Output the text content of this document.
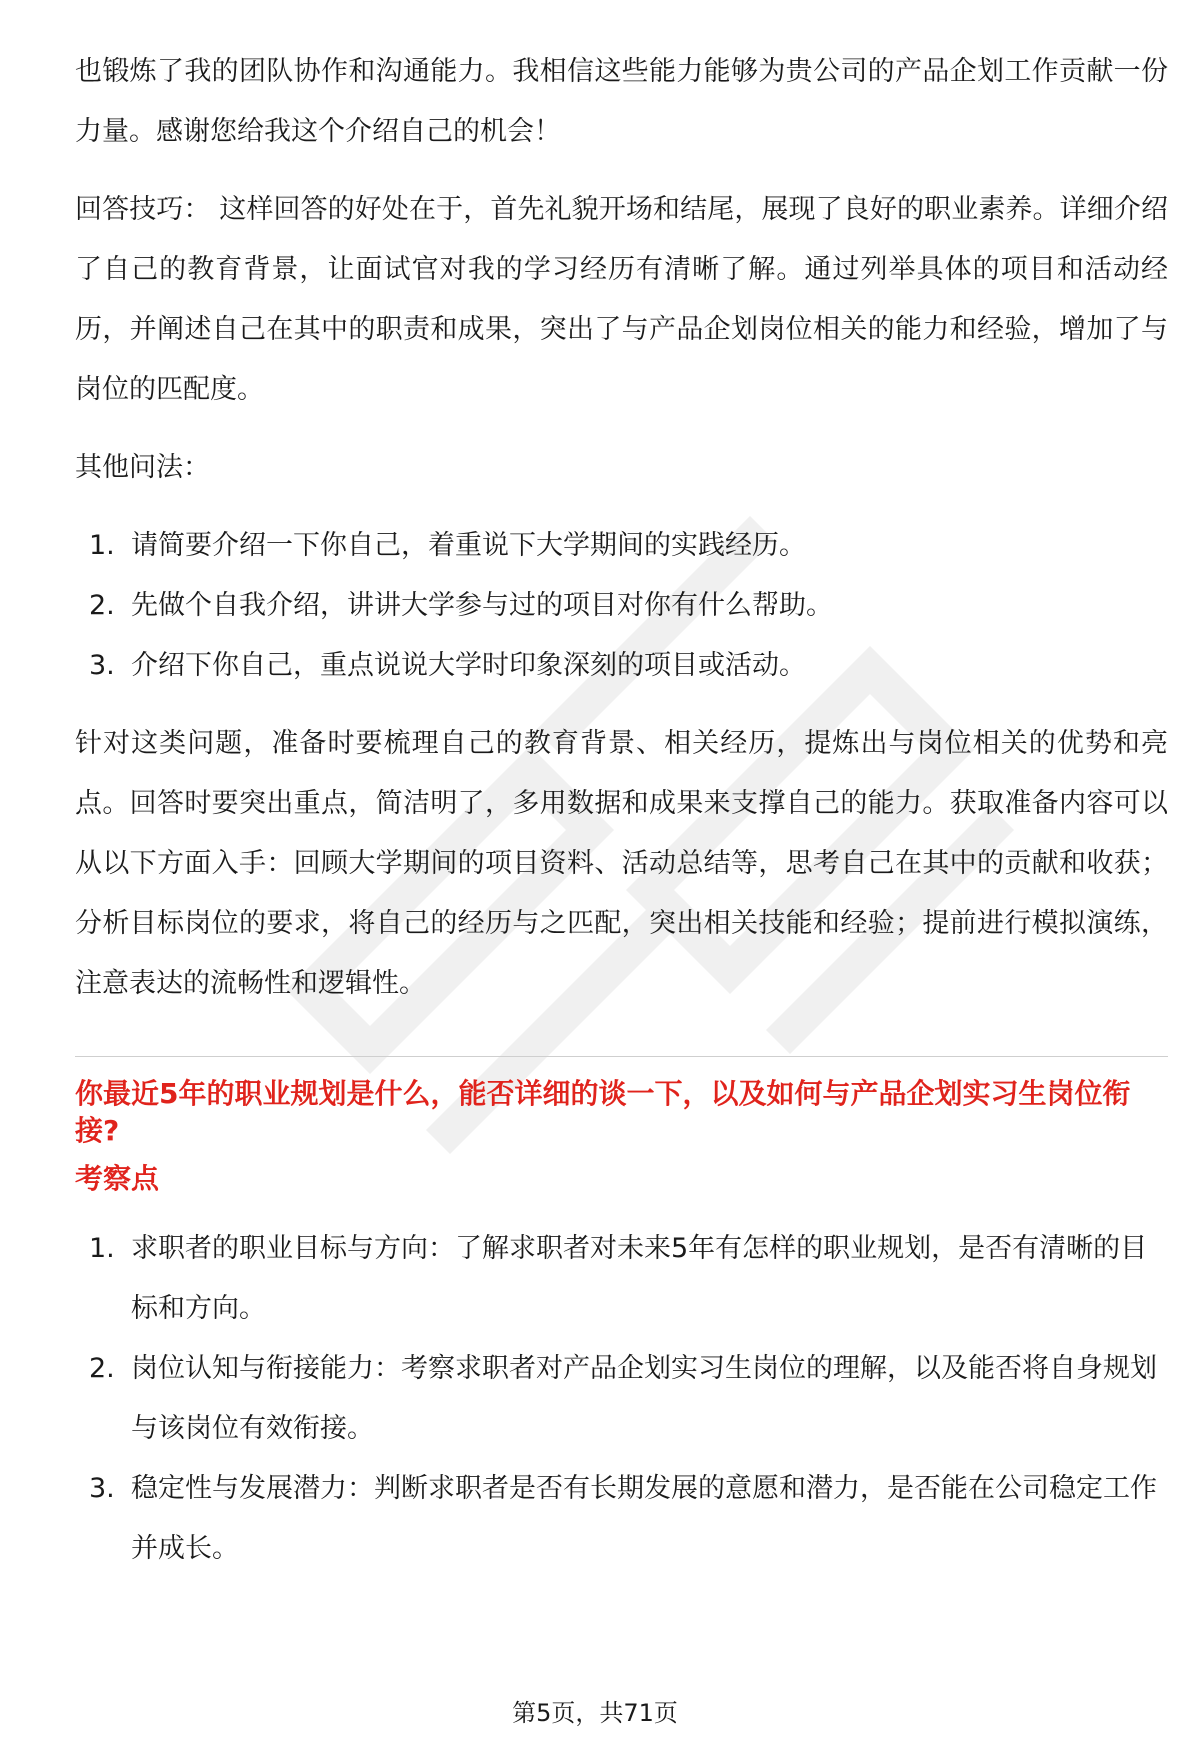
也锻炼了我的团队协作和沟通能力。我相信这些能力能够为贵公司的产品企划工作贡献一份力量。感谢您给我这个介绍自己的机会！

回答技巧： 这样回答的好处在于，首先礼貌开场和结尾，展现了良好的职业素养。详细介绍了自己的教育背景，让面试官对我的学习经历有清晰了解。通过列举具体的项目和活动经历，并阐述自己在其中的职责和成果，突出了与产品企划岗位相关的能力和经验，增加了与岗位的匹配度。

其他问法：

1. 请简要介绍一下你自己，着重说下大学期间的实践经历。
2. 先做个自我介绍，讲讲大学参与过的项目对你有什么帮助。
3. 介绍下你自己，重点说说大学时印象深刻的项目或活动。

针对这类问题，准备时要梳理自己的教育背景、相关经历，提炼出与岗位相关的优势和亮点。回答时要突出重点，简洁明了，多用数据和成果来支撑自己的能力。获取准备内容可以从以下方面入手：回顾大学期间的项目资料、活动总结等，思考自己在其中的贡献和收获；分析目标岗位的要求，将自己的经历与之匹配，突出相关技能和经验；提前进行模拟演练，注意表达的流畅性和逻辑性。

你最近5年的职业规划是什么，能否详细的谈一下，以及如何与产品企划实习生岗位衔接?
考察点
1. 求职者的职业目标与方向：了解求职者对未来5年有怎样的职业规划，是否有清晰的目标和方向。
2. 岗位认知与衔接能力：考察求职者对产品企划实习生岗位的理解，以及能否将自身规划与该岗位有效衔接。
3. 稳定性与发展潜力：判断求职者是否有长期发展的意愿和潜力，是否能在公司稳定工作并成长。
第5页，共71页
